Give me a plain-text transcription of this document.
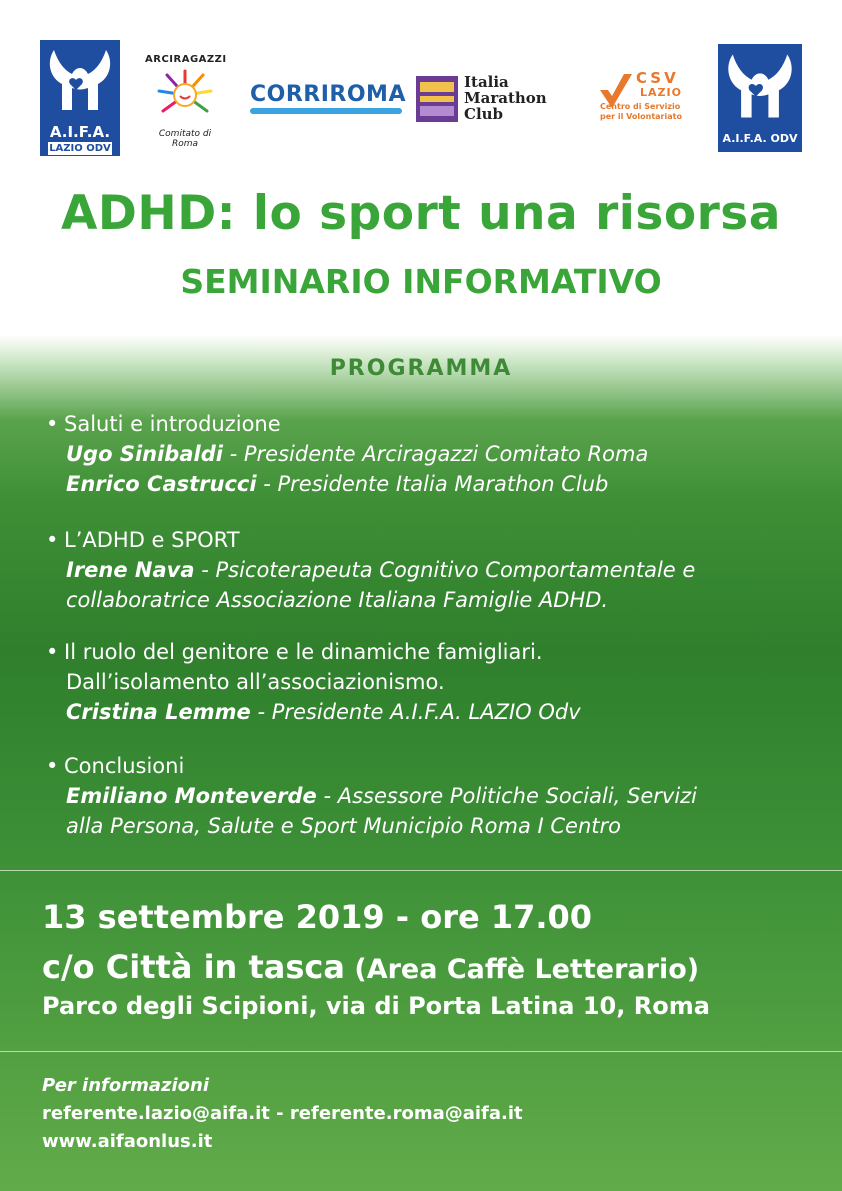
A.I.F.A.
LAZIO ODV
ARCIRAGAZZI
Comitato di Roma
CORRIROMA	Italia
Marathon
Club
CSV
LAZIO
Centro di Servizio
per il Volontariato
A.I.F.A. ODV
ADHD: lo sport una risorsa
SEMINARIO INFORMATIVO
PROGRAMMA
• Saluti e introduzione
Ugo Sinibaldi - Presidente Arciragazzi Comitato Roma
Enrico Castrucci - Presidente Italia Marathon Club
• L’ADHD e SPORT
Irene Nava - Psicoterapeuta Cognitivo Comportamentale e
collaboratrice Associazione Italiana Famiglie ADHD.
• Il ruolo del genitore e le dinamiche famigliari.
Dall’isolamento all’associazionismo.
Cristina Lemme - Presidente A.I.F.A. LAZIO Odv
• Conclusioni
Emiliano Monteverde - Assessore Politiche Sociali, Servizi
alla Persona, Salute e Sport Municipio Roma I Centro
13 settembre 2019 - ore 17.00
c/o Città in tasca (Area Caffè Letterario)
Parco degli Scipioni, via di Porta Latina 10, Roma
Per informazioni
referente.lazio@aifa.it - referente.roma@aifa.it
www.aifaonlus.it
